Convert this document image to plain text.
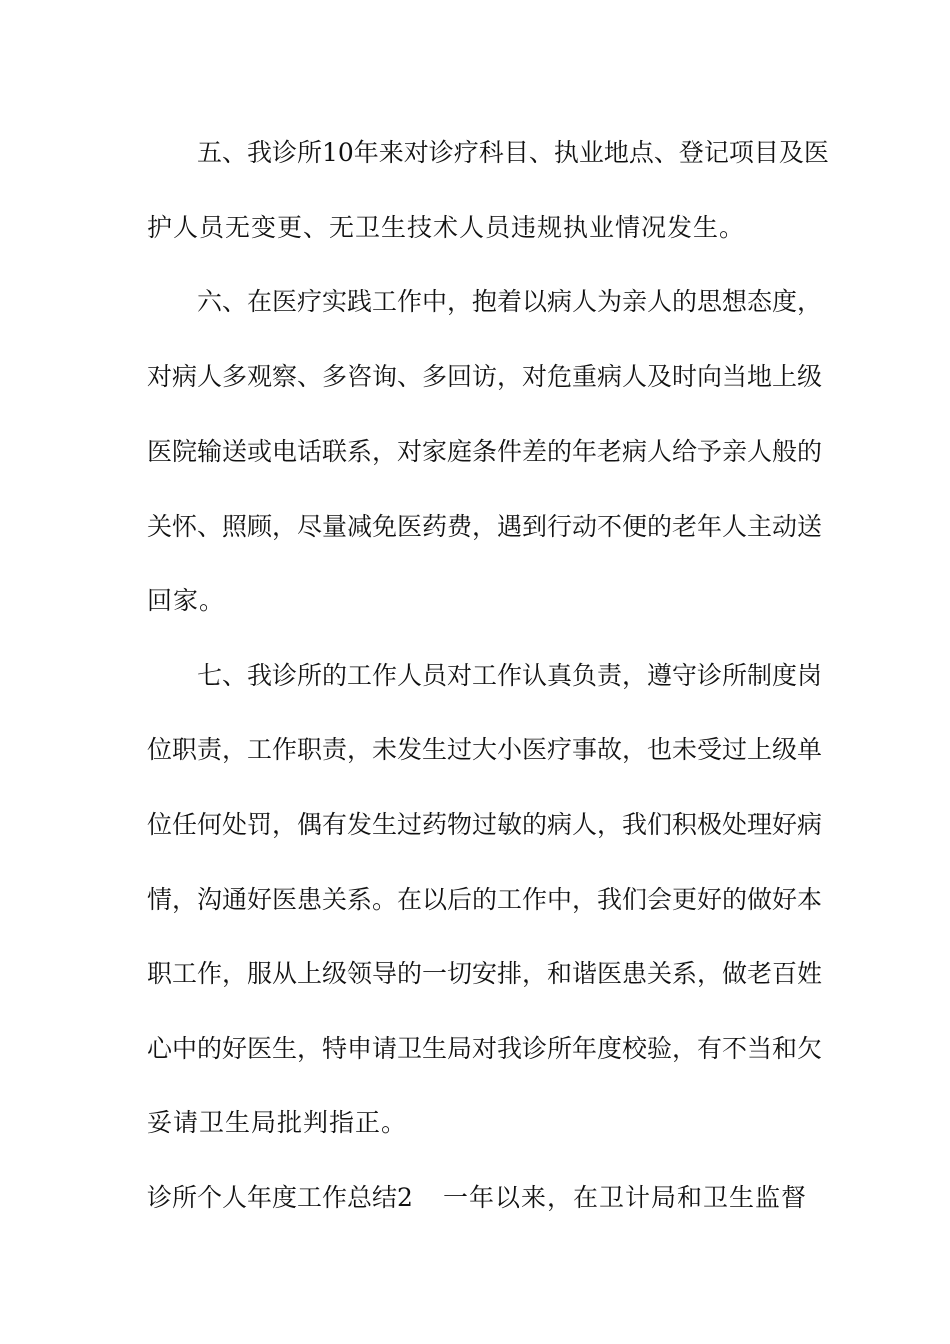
五、我诊所10年来对诊疗科目、执业地点、登记项目及医
护人员无变更、无卫生技术人员违规执业情况发生。
六、在医疗实践工作中，抱着以病人为亲人的思想态度，
对病人多观察、多咨询、多回访，对危重病人及时向当地上级
医院输送或电话联系，对家庭条件差的年老病人给予亲人般的
关怀、照顾，尽量减免医药费，遇到行动不便的老年人主动送
回家。
七、我诊所的工作人员对工作认真负责，遵守诊所制度岗
位职责，工作职责，未发生过大小医疗事故，也未受过上级单
位任何处罚，偶有发生过药物过敏的病人，我们积极处理好病
情，沟通好医患关系。在以后的工作中，我们会更好的做好本
职工作，服从上级领导的一切安排，和谐医患关系，做老百姓
心中的好医生，特申请卫生局对我诊所年度校验，有不当和欠
妥请卫生局批判指正。
诊所个人年度工作总结2 一年以来，在卫计局和卫生监督
